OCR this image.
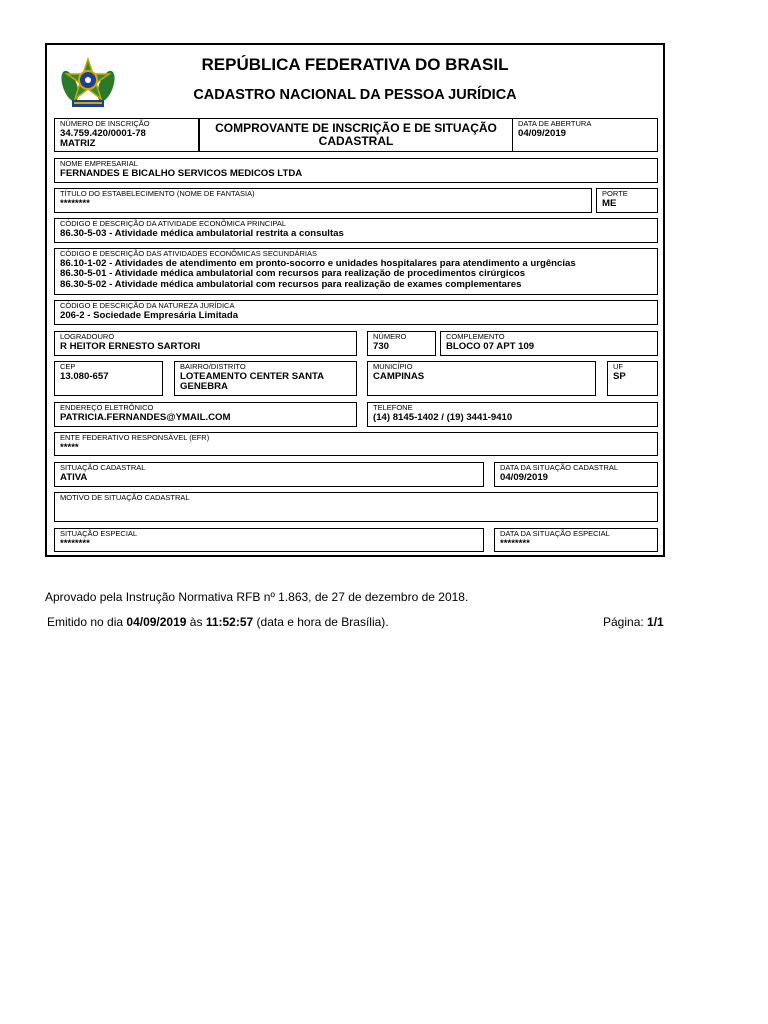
REPÚBLICA FEDERATIVA DO BRASIL
CADASTRO NACIONAL DA PESSOA JURÍDICA
NÚMERO DE INSCRIÇÃO
34.759.420/0001-78
MATRIZ
COMPROVANTE DE INSCRIÇÃO E DE SITUAÇÃO CADASTRAL
DATA DE ABERTURA
04/09/2019
NOME EMPRESARIAL
FERNANDES E BICALHO SERVICOS MEDICOS LTDA
TÍTULO DO ESTABELECIMENTO (NOME DE FANTASIA)
********
PORTE
ME
CÓDIGO E DESCRIÇÃO DA ATIVIDADE ECONÔMICA PRINCIPAL
86.30-5-03 - Atividade médica ambulatorial restrita a consultas
CÓDIGO E DESCRIÇÃO DAS ATIVIDADES ECONÔMICAS SECUNDÁRIAS
86.10-1-02 - Atividades de atendimento em pronto-socorro e unidades hospitalares para atendimento a urgências
86.30-5-01 - Atividade médica ambulatorial com recursos para realização de procedimentos cirúrgicos
86.30-5-02 - Atividade médica ambulatorial com recursos para realização de exames complementares
CÓDIGO E DESCRIÇÃO DA NATUREZA JURÍDICA
206-2 - Sociedade Empresária Limitada
LOGRADOURO
R HEITOR ERNESTO SARTORI
NÚMERO
730
COMPLEMENTO
BLOCO 07 APT 109
CEP
13.080-657
BAIRRO/DISTRITO
LOTEAMENTO CENTER SANTA GENEBRA
MUNICÍPIO
CAMPINAS
UF
SP
ENDEREÇO ELETRÔNICO
PATRICIA.FERNANDES@YMAIL.COM
TELEFONE
(14) 8145-1402 / (19) 3441-9410
ENTE FEDERATIVO RESPONSÁVEL (EFR)
*****
SITUAÇÃO CADASTRAL
ATIVA
DATA DA SITUAÇÃO CADASTRAL
04/09/2019
MOTIVO DE SITUAÇÃO CADASTRAL
SITUAÇÃO ESPECIAL
********
DATA DA SITUAÇÃO ESPECIAL
********
Aprovado pela Instrução Normativa RFB nº 1.863, de 27 de dezembro de 2018.
Emitido no dia 04/09/2019 às 11:52:57 (data e hora de Brasília).	Página: 1/1
